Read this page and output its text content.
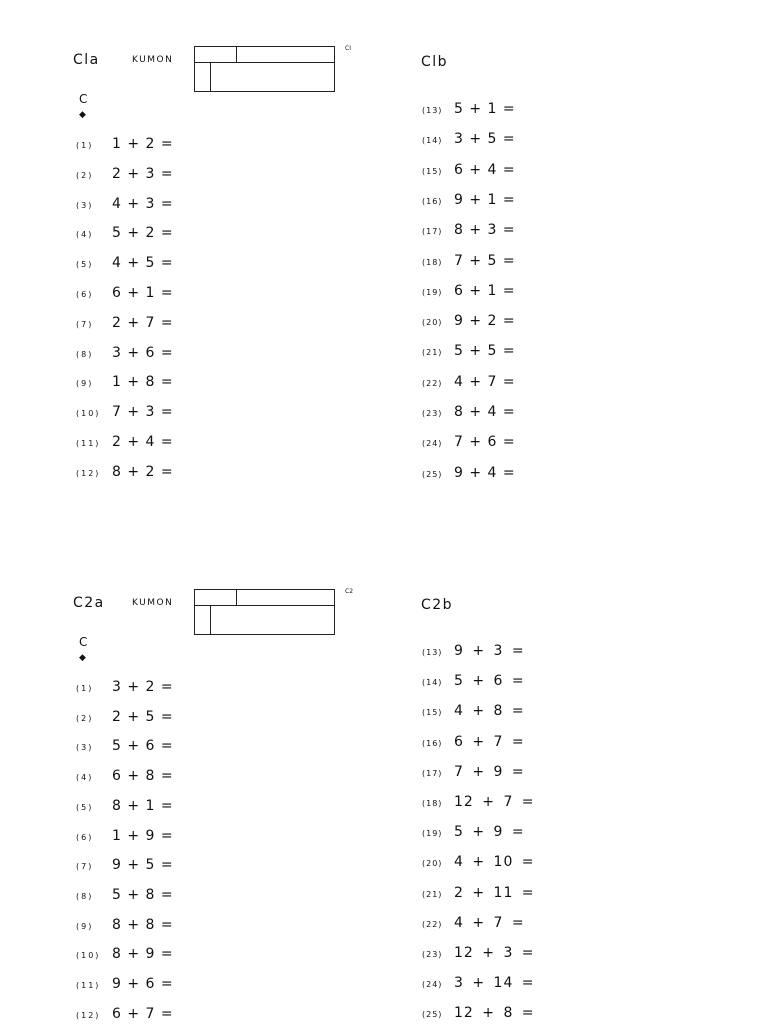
Cla	KUMON
CI
C
◆
Clb
(1)	1 + 2 =
(2)	2 + 3 =
(3)	4 + 3 =
(4)	5 + 2 =
(5)	4 + 5 =
(6)	6 + 1 =
(7)	2 + 7 =
(8)	3 + 6 =
(9)	1 + 8 =
(10) 7 + 3 =
(11) 2 + 4 =
(12) 8 + 2 =
(13) 5 + 1 =
(14) 3 + 5 =
(15) 6 + 4 =
(16) 9 + 1 =
(17) 8 + 3 =
(18) 7 + 5 =
(19) 6 + 1 =
(20) 9 + 2 =
(21) 5 + 5 =
(22) 4 + 7 =
(23) 8 + 4 =
(24) 7 + 6 =
(25) 9 + 4 =
C2a	KUMON
C2
C
◆
C2b
(1)	3 + 2 =
(2)	2 + 5 =
(3)	5 + 6 =
(4)	6 + 8 =
(5)	8 + 1 =
(6)	1 + 9 =
(7)	9 + 5 =
(8)	5 + 8 =
(9)	8 + 8 =
(10) 8 + 9 =
(11) 9 + 6 =
(12) 6 + 7 =
(13) 9 + 3 =
(14) 5 + 6 =
(15) 4 + 8 =
(16) 6 + 7 =
(17) 7 + 9 =
(18) 12 + 7 =
(19) 5 + 9 =
(20) 4 + 10 =
(21) 2 + 11 =
(22) 4 + 7 =
(23) 12 + 3 =
(24) 3 + 14 =
(25) 12 + 8 =
